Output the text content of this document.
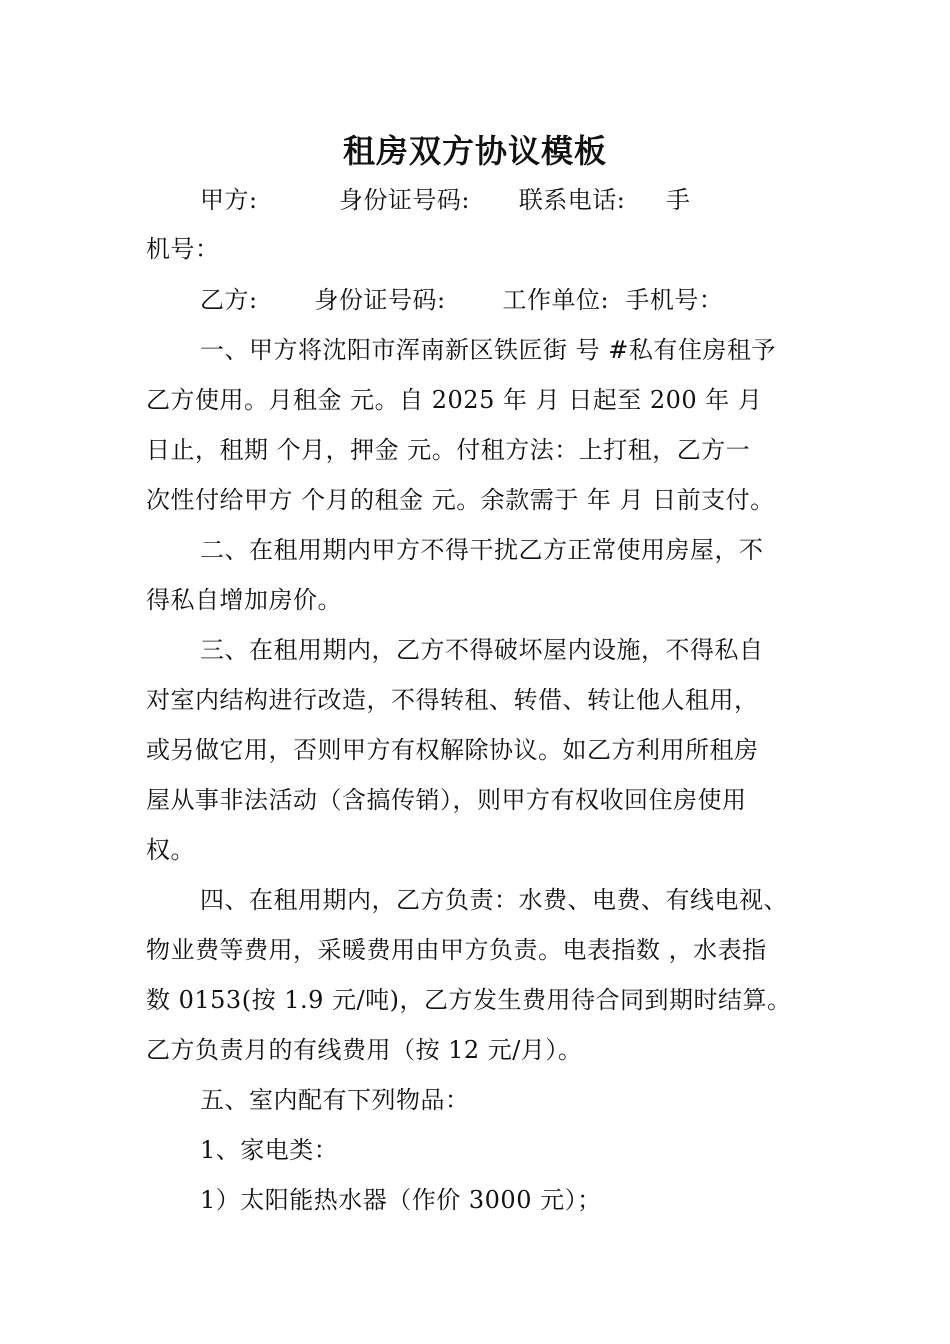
租房双方协议模板
甲方:          身份证号码:      联系电话:     手
机号：
乙方:       身份证号码:       工作单位:  手机号：
一、甲方将沈阳市浑南新区铁匠街 号 #私有住房租予
乙方使用。月租金 元。自 2025 年 月 日起至 200 年 月
日止，租期 个月，押金 元。付租方法：上打租，乙方一
次性付给甲方 个月的租金 元。余款需于 年 月 日前支付。
二、在租用期内甲方不得干扰乙方正常使用房屋，不
得私自增加房价。
三、在租用期内，乙方不得破坏屋内设施，不得私自
对室内结构进行改造，不得转租、转借、转让他人租用，
或另做它用，否则甲方有权解除协议。如乙方利用所租房
屋从事非法活动（含搞传销），则甲方有权收回住房使用
权。
四、在租用期内，乙方负责：水费、电费、有线电视、
物业费等费用，采暖费用由甲方负责。电表指数 ，水表指
数 0153(按 1.9 元/吨)，乙方发生费用待合同到期时结算。
乙方负责月的有线费用（按 12 元/月）。
五、室内配有下列物品：
1、家电类：
1）太阳能热水器（作价 3000 元）；
